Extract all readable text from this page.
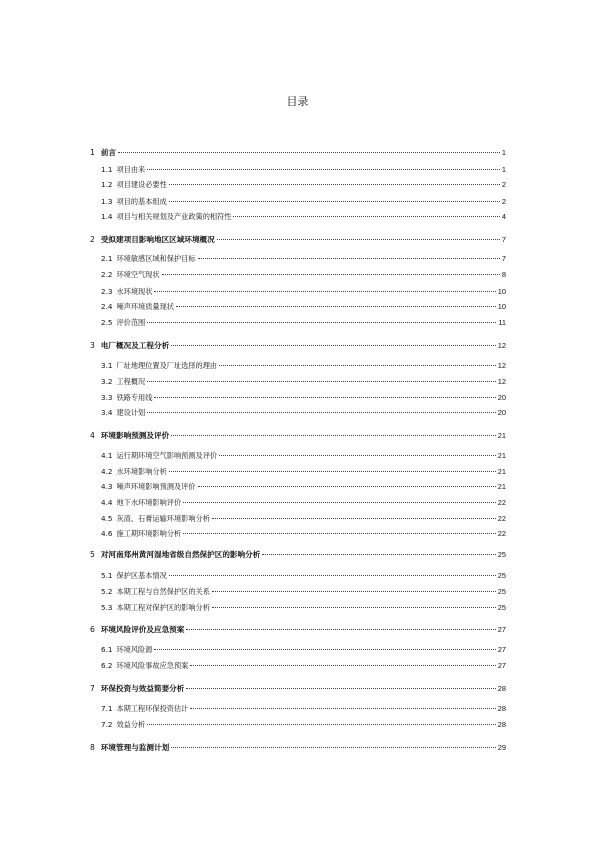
目录
1 前言	1
1.1 项目由来	1
1.2 项目建设必要性	2
1.3 项目的基本组成	2
1.4 项目与相关规划及产业政策的相符性	4
2 受拟建项目影响地区区域环境概况	7
2.1 环境敏感区域和保护目标	7
2.2 环境空气现状	8
2.3 水环境现状	10
2.4 噪声环境质量现状	10
2.5 评价范围	11
3 电厂概况及工程分析	12
3.1 厂址地理位置及厂址选择的理由	12
3.2 工程概况	12
3.3 铁路专用线	20
3.4 建设计划	20
4 环境影响预测及评价	21
4.1 运行期环境空气影响预测及评价	21
4.2 水环境影响分析	21
4.3 噪声环境影响预测及评价	21
4.4 地下水环境影响评价	22
4.5 灰渣、石膏运输环境影响分析	22
4.6 施工期环境影响分析	22
5 对河南郑州黄河湿地省级自然保护区的影响分析	25
5.1 保护区基本情况	25
5.2 本期工程与自然保护区的关系	25
5.3 本期工程对保护区的影响分析	25
6 环境风险评价及应急预案	27
6.1 环境风险源	27
6.2 环境风险事故应急预案	27
7 环保投资与效益简要分析	28
7.1 本期工程环保投资估计	28
7.2 效益分析	28
8 环境管理与监测计划	29
